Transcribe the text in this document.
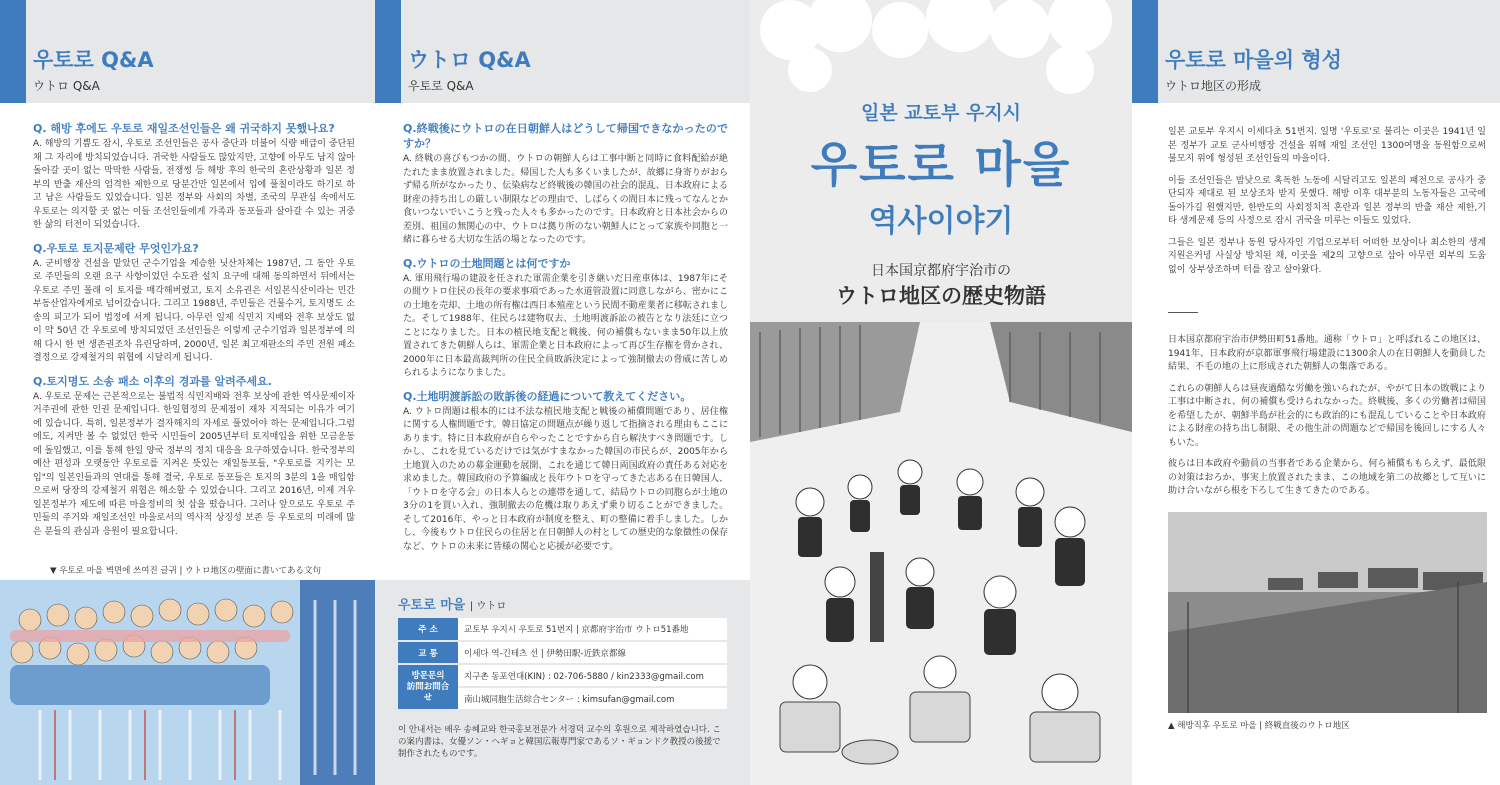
우토로 Q&A
ウトロ Q&A
Q. 해방 후에도 우토로 재일조선인들은 왜 귀국하지 못했나요?
A. 해방의 기쁨도 잠시, 우토로 조선인들은 공사 중단과 더불어 식량 배급이 중단된 채 그 자리에 방치되었습니다. 귀국한 사람들도 많았지만, 고향에 아무도 남지 않아 돌아갈 곳이 없는 막막한 사람들, 전쟁썽 등 해방 후의 한국의 혼란상황과 일본 정부의 반출 재산의 엄격한 제한으로 당분간만 일본에서 입에 풀칠이라도 하기로 하고 남은 사람들도 있었습니다. 일본 정부와 사회의 차별, 조국의 무관심 속에서도 우토로는 의지할 곳 없는 이들 조선인들에게 가족과 동포들과 살아갈 수 있는 귀중한 삶의 터전이 되었습니다.
Q.우토로 토지문제란 무엇인가요?
A. 군비행장 건설을 맡았던 군수기업을 계승한 닛산차체는 1987년, 그 동안 우토로 주민들의 오랜 요구 사항이었던 수도관 설치 요구에 대해 동의하면서 뒤에서는 우토로 주민 몰래 이 토지를 매각해버렸고, 토지 소유권은 서일본식산이라는 민간 부동산업자에게로 넘어갔습니다. 그리고 1988년, 주민들은 건물수거, 토지명도 소송의 피고가 되어 법정에 서게 됩니다. 아무런 일제 식민지 지배와 전후 보상도 없이 약 50년 간 우토로에 방치되었던 조선인들은 이렇게 군수기업과 일본정부에 의해 다시 한 번 생존권조차 유린당하며, 2000년, 일본 최고재판소의 주민 전원 패소 결정으로 강제철거의 위협에 시달리게 됩니다.
Q.토지명도 소송 패소 이후의 경과를 알려주세요.
A. 우토로 문제는 근본적으로는 불법적 식민지배와 전후 보상에 관한 역사문제이자 거주권에 관한 인권 문제입니다. 한일협정의 문제점이 재차 지적되는 이유가 여기에 있습니다. 특히, 일본정부가 결자해지의 자세로 풀었어야 하는 문제입니다.그럼에도, 지켜만 볼 수 없었던 한국 시민들이 2005년부터 토지매입을 위한 모금운동에 돌입했고, 이를 통해 한일 양국 정부의 정치 대응을 요구하였습니다. 한국정부의 예산 편성과 오랫동안 우토로를 지켜온 뜻있는 재일동포들, "우토로를 지키는 모임"의 일본인들과의 연대를 통해 결국, 우토로 동포들은 토지의 3분의 1을 매입함으로써 당장의 강제철거 위협은 해소할 수 있었습니다. 그리고 2016년, 이제 겨우 일본정부가 제도에 따른 마을정비의 첫 삽을 떴습니다. 그러나 앞으로도 우토로 주민들의 주거와 재일조선인 마을로서의 역사적 상징성 보존 등 우토로의 미래에 많은 분들의 관심과 응원이 필요합니다.
▼ 우토로 마을 벽면에 쓰여진 글귀 | ウトロ地区の壁面に書いてある文句
ウトロ Q&A
우토로 Q&A
Q.終戦後にウトロの在日朝鮮人はどうして帰国できなかったのですか？
A. 終戦の喜びもつかの間、ウトロの朝鮮人らは工事中断と同時に食料配給が絶たれたまま放置されました。帰国した人も多くいましたが、故郷に身寄りがおらず帰る所がなかったり、伝染病など終戦後の韓国の社会的混乱、日本政府による財産の持ち出しの厳しい制限などの理由で、しばらくの間日本に残ってなんとか食いつないでいこうと残った人々も多かったのです。日本政府と日本社会からの差別、祖国の無関心の中、ウトロは拠り所のない朝鮮人にとって家族や同胞と一緒に暮らせる大切な生活の場となったのです。
Q.ウトロの土地問題とは何ですか
A. 軍用飛行場の建設を任された軍需企業を引き継いだ日産車体は、1987年にその間ウトロ住民の長年の要求事項であった水道管設置に同意しながら、密かにこの土地を売却、土地の所有権は西日本殖産という民間不動産業者に移転されました。そして1988年、住民らは建物収去、土地明渡訴訟の被告となり法廷に立つことになりました。日本の植民地支配と戦後、何の補償もないまま50年以上放置されてきた朝鮮人らは、軍需企業と日本政府によって再び生存権を脅かされ、2000年に日本最高裁判所の住民全員敗訴決定によって強制撤去の脅威に苦しめられるようになりました。
Q.土地明渡訴訟の敗訴後の経過について教えてください。
A. ウトロ問題は根本的には不法な植民地支配と戦後の補償問題であり、居住権に関する人権問題です。韓日協定の問題点が繰り返して指摘される理由もここにあります。特に日本政府が自らやったことですから自ら解決すべき問題です。しかし、これを見ているだけでは気がすまなかった韓国の市民らが、2005年から土地買入のための募金運動を展開、これを通じて韓日両国政府の責任ある対応を求めました。韓国政府の予算編成と長年ウトロを守ってきた志ある在日韓国人、「ウトロを守る会」の日本人らとの連帯を通して、結局ウトロの同胞らが土地の3分の1を買い入れ、強制撤去の危機は取りあえず乗り切ることができました。そして2016年、やっと日本政府が制度を整え、町の整備に着手しました。しかし、今後もウトロ住民らの住居と在日朝鮮人の村としての歴史的な象徴性の保存など、ウトロの未来に皆様の関心と応援が必要です。
우토로 마을 | ウトロ
주 소	교토부 우지시 우토로 51번지 | 京都府宇治市 ウトロ51番地
교 통	이세다 역-긴테츠 선 | 伊勢田駅-近鉄京都線
방문문의
訪問お問合せ	지구촌 동포연대(KIN) : 02-706-5880 / kin2333@gmail.com
	南山城同胞生活綜合センター : kimsufan@gmail.com
이 안내서는 배우 송혜교와 한국홍보전문가 서경덕 교수의 후원으로 제작하였습니다. この案内書は、女優ソン・ヘギョと韓国広報専門家であるソ・ギョンドク教授の後援で制作されたものです。
일본 교토부 우지시
우토로 마을
역사이야기
日本国京都府宇治市の
ウトロ地区の歴史物語
우토로 마을의 형성
ウトロ地区の形成

일본 교토부 우지시 이세다초 51번지. 일명 '우토로'로 불리는 이곳은 1941년 일본 정부가 교토 군사비행장 건설을 위해 재일 조선인 1300여명을 동원함으로써 불모지 위에 형성된 조선인들의 마을이다.

이들 조선인들은 밤낮으로 혹독한 노동에 시달리고도 일본의 패전으로 공사가 중단되자 제대로 된 보상조차 받지 못했다. 해방 이후 대부분의 노동자들은 고국에 돌아가길 원했지만, 한반도의 사회정치적 혼란과 일본 정부의 반출 재산 제한,기타 생계문제 등의 사정으로 잠시 귀국을 미루는 이들도 있었다.

그들은 일본 정부나 동원 당사자인 기업으로부터 어떠한 보상이나 최소한의 생계 지원은커녕 사실상 방치된 채, 이곳을 제2의 고향으로 삼아 아무런 외부의 도움 없이 상부상조하며 터를 잡고 살아왔다.

日本国京都府宇治市伊勢田町51番地。通称「ウトロ」と呼ばれるこの地区は、1941年、日本政府が京都軍事飛行場建設に1300余人の在日朝鮮人を動員した結果、不毛の地の上に形成された朝鮮人の集落である。

これらの朝鮮人らは昼夜過酷な労働を強いられたが、やがて日本の敗戦により工事は中断され、何の補償も受けられなかった。終戦後、多くの労働者は帰国を希望したが、朝鮮半島が社会的にも政治的にも混乱していることや日本政府による財産の持ち出し制限、その他生計の問題などで帰国を後回しにする人々もいた。

彼らは日本政府や動員の当事者である企業から、何ら補償ももらえず、最低限の対策はおろか、事実上放置されたまま、この地域を第二の故郷として互いに助け合いながら根を下ろして生きてきたのである。

▲ 해방직후 우토로 마을 | 終戦直後のウトロ地区
